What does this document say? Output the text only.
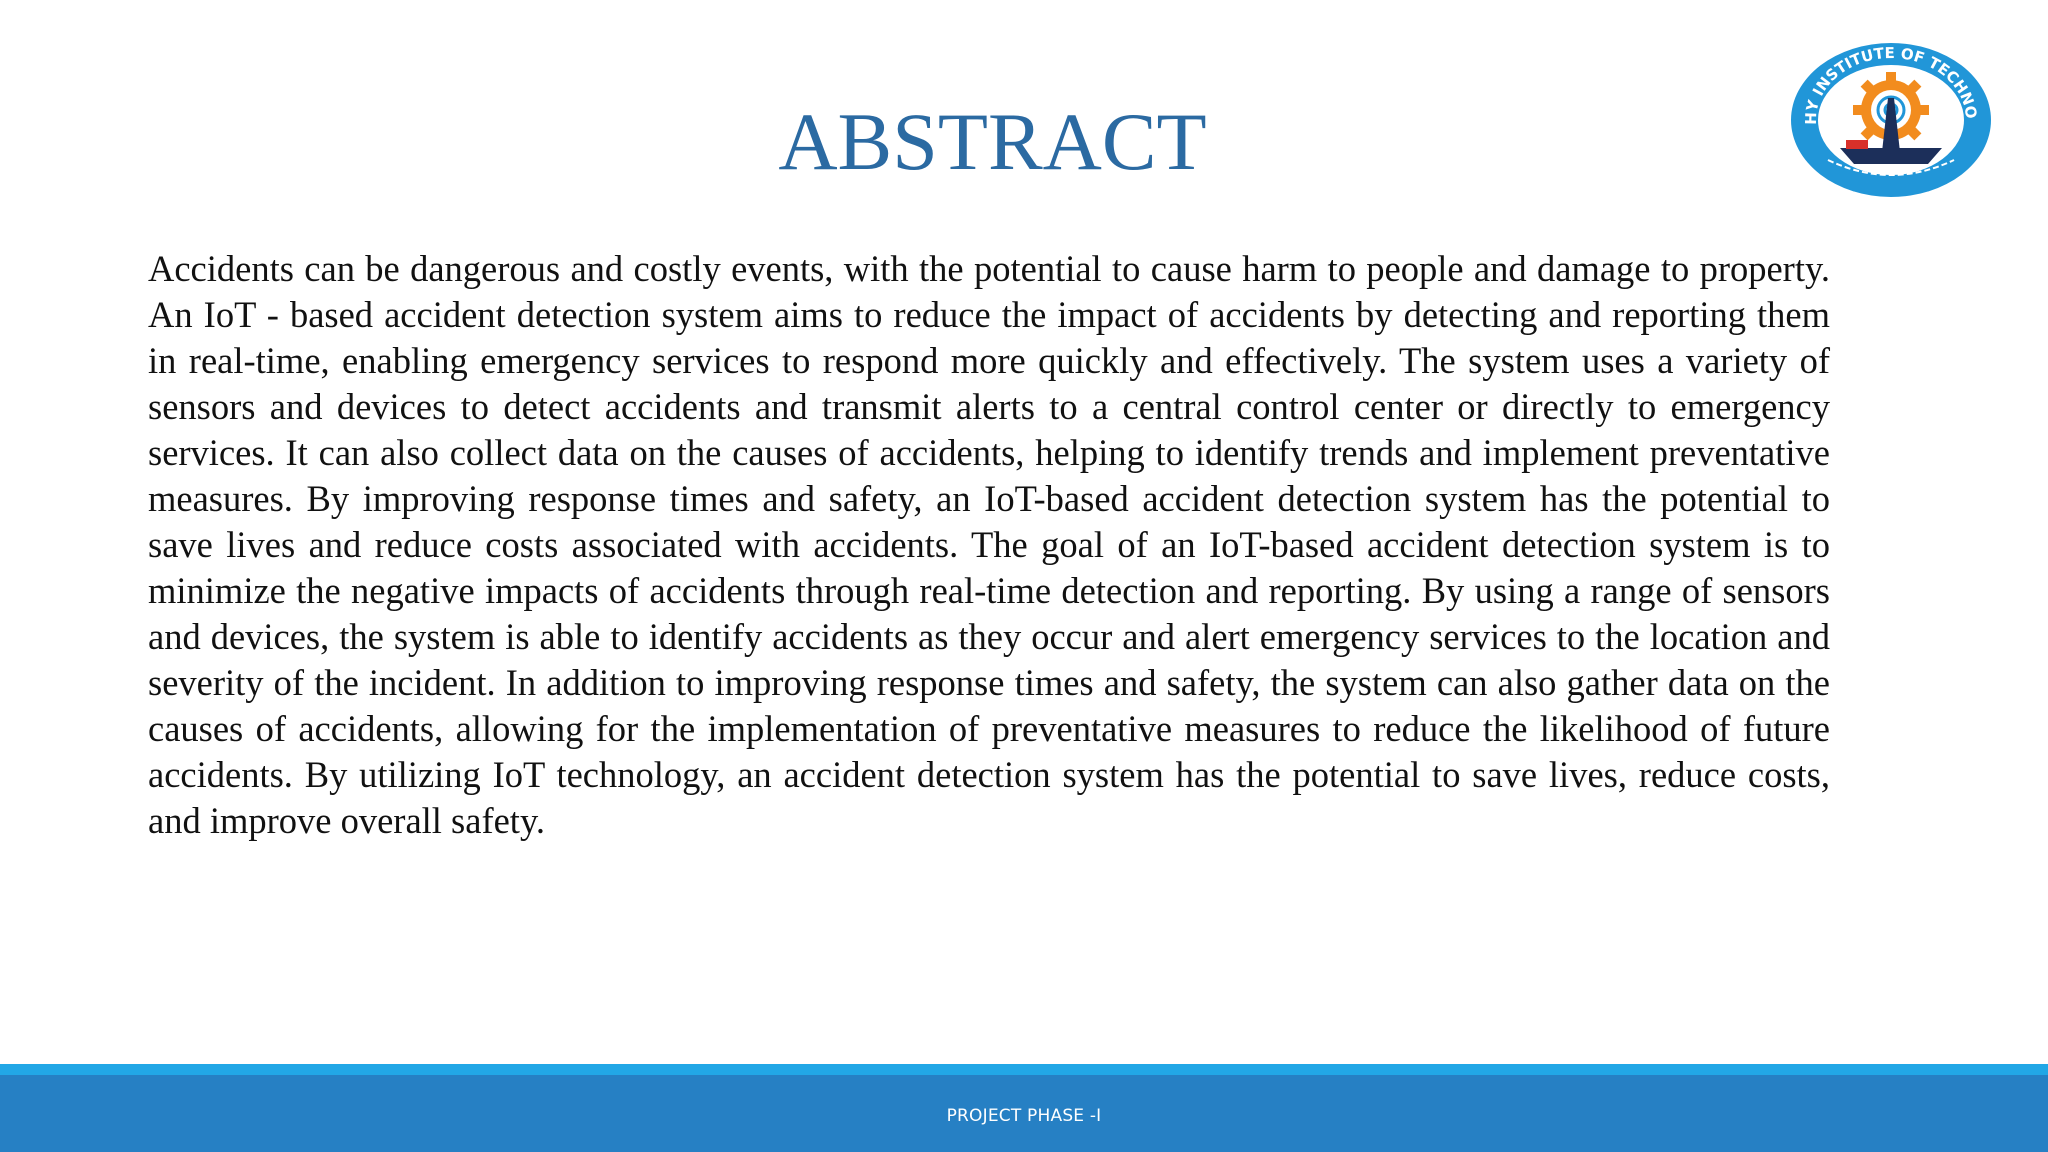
ABSTRACT	HY INSTITUTE OF TECHNO

Accidents can be dangerous and costly events, with the potential to cause harm to people and damage to property. An IoT - based accident detection system aims to reduce the impact of accidents by detecting and reporting them in real-time, enabling emergency services to respond more quickly and effectively. The system uses a variety of sensors and devices to detect accidents and transmit alerts to a central control center or directly to emergency services. It can also collect data on the causes of accidents, helping to identify trends and implement preventative measures. By improving response times and safety, an IoT-based accident detection system has the potential to save lives and reduce costs associated with accidents. The goal of an IoT-based accident detection system is to minimize the negative impacts of accidents through real-time detection and reporting. By using a range of sensors and devices, the system is able to identify accidents as they occur and alert emergency services to the location and severity of the incident. In addition to improving response times and safety, the system can also gather data on the causes of accidents, allowing for the implementation of preventative measures to reduce the likelihood of future accidents. By utilizing IoT technology, an accident detection system has the potential to save lives, reduce costs, and improve overall safety.

PROJECT PHASE -I
